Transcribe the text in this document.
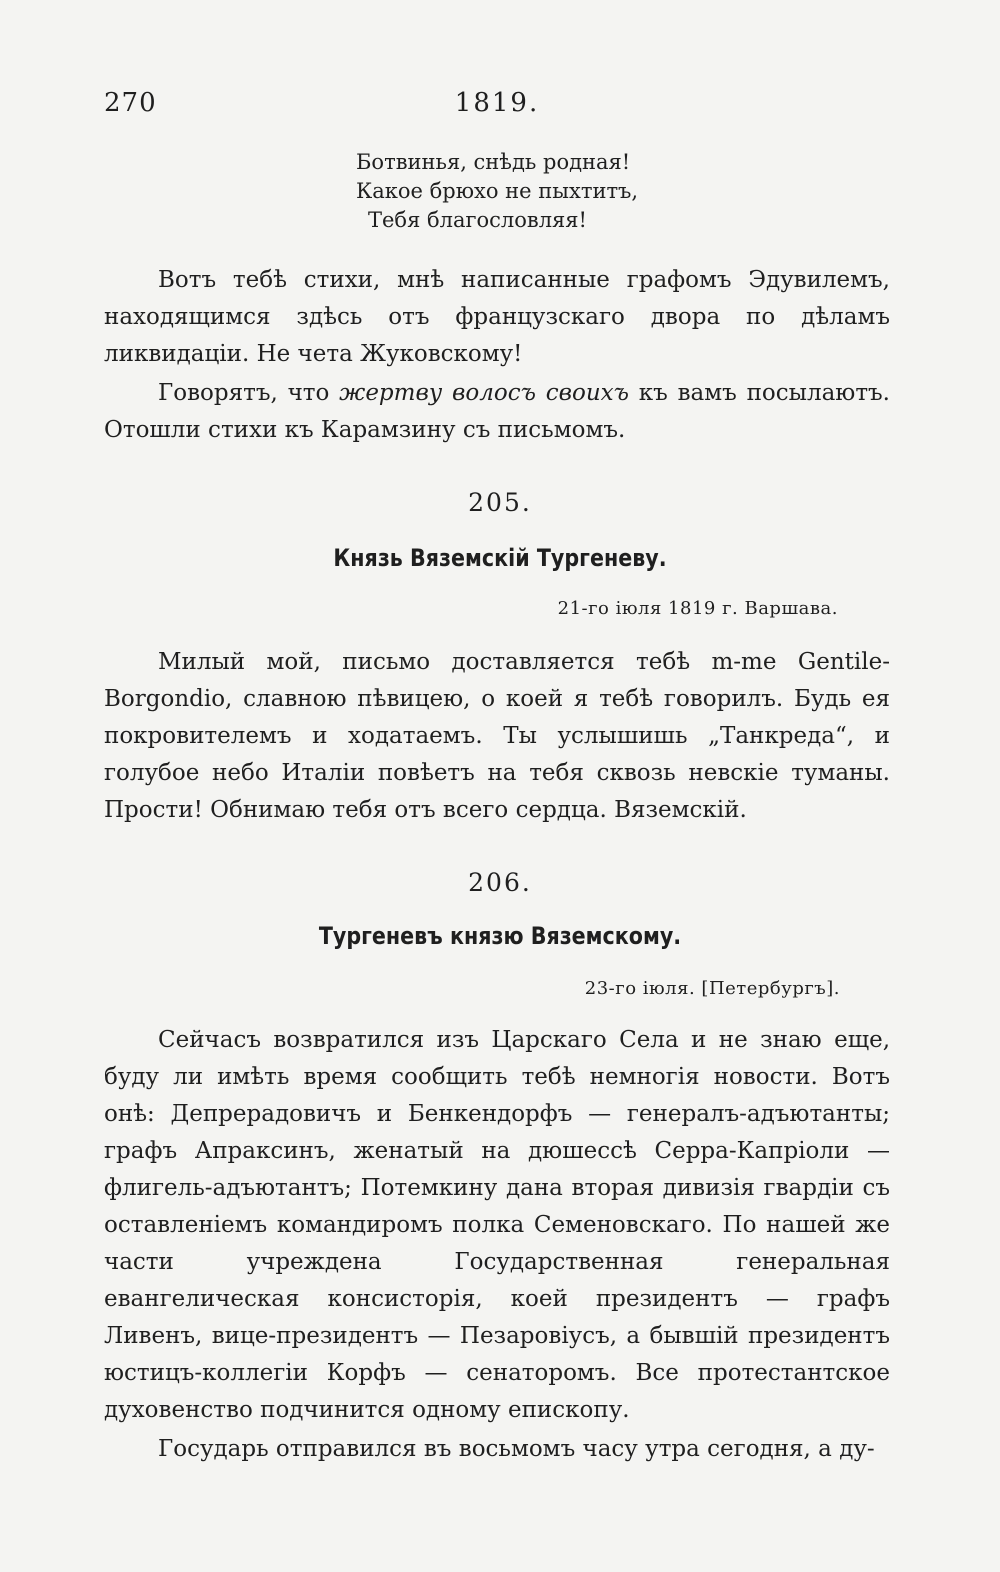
270	1819.
Ботвинья, снѣдь родная!
Какое брюхо не пыхтитъ,
Тебя благословляя!

Вотъ тебѣ стихи, мнѣ написанные графомъ Эдувилемъ, находящимся здѣсь отъ французскаго двора по дѣламъ ликвидаціи. Не чета Жуковскому!

Говорятъ, что жертву волосъ своихъ къ вамъ посылаютъ. Отошли стихи къ Карамзину съ письмомъ.

205.
Князь Вяземскій Тургеневу.
21-го іюля 1819 г. Варшава.

Милый мой, письмо доставляется тебѣ m-me Gentile-Borgondio, славною пѣвицею, о коей я тебѣ говорилъ. Будь ея покровителемъ и ходатаемъ. Ты услышишь „Танкреда“, и голубое небо Италіи повѣетъ на тебя сквозь невскіе туманы. Прости! Обнимаю тебя отъ всего сердца. Вяземскій.

206.
Тургеневъ князю Вяземскому.
23-го іюля. [Петербургъ].

Сейчасъ возвратился изъ Царскаго Села и не знаю еще, буду ли имѣть время сообщить тебѣ немногія новости. Вотъ онѣ: Депрерадовичъ и Бенкендорфъ — генералъ-адъютанты; графъ Апраксинъ, женатый на дюшессѣ Серра-Капріоли — флигель-адъютантъ; Потемкину дана вторая дивизія гвардіи съ оставленіемъ командиромъ полка Семеновскаго. По нашей же части учреждена Государственная генеральная евангелическая консисторія, коей президентъ — графъ Ливенъ, вице-президентъ — Пезаровіусъ, а бывшій президентъ юстицъ-коллегіи Корфъ — сенаторомъ. Все протестантское духовенство подчинится одному епископу.

Государь отправился въ восьмомъ часу утра сегодня, а ду-
